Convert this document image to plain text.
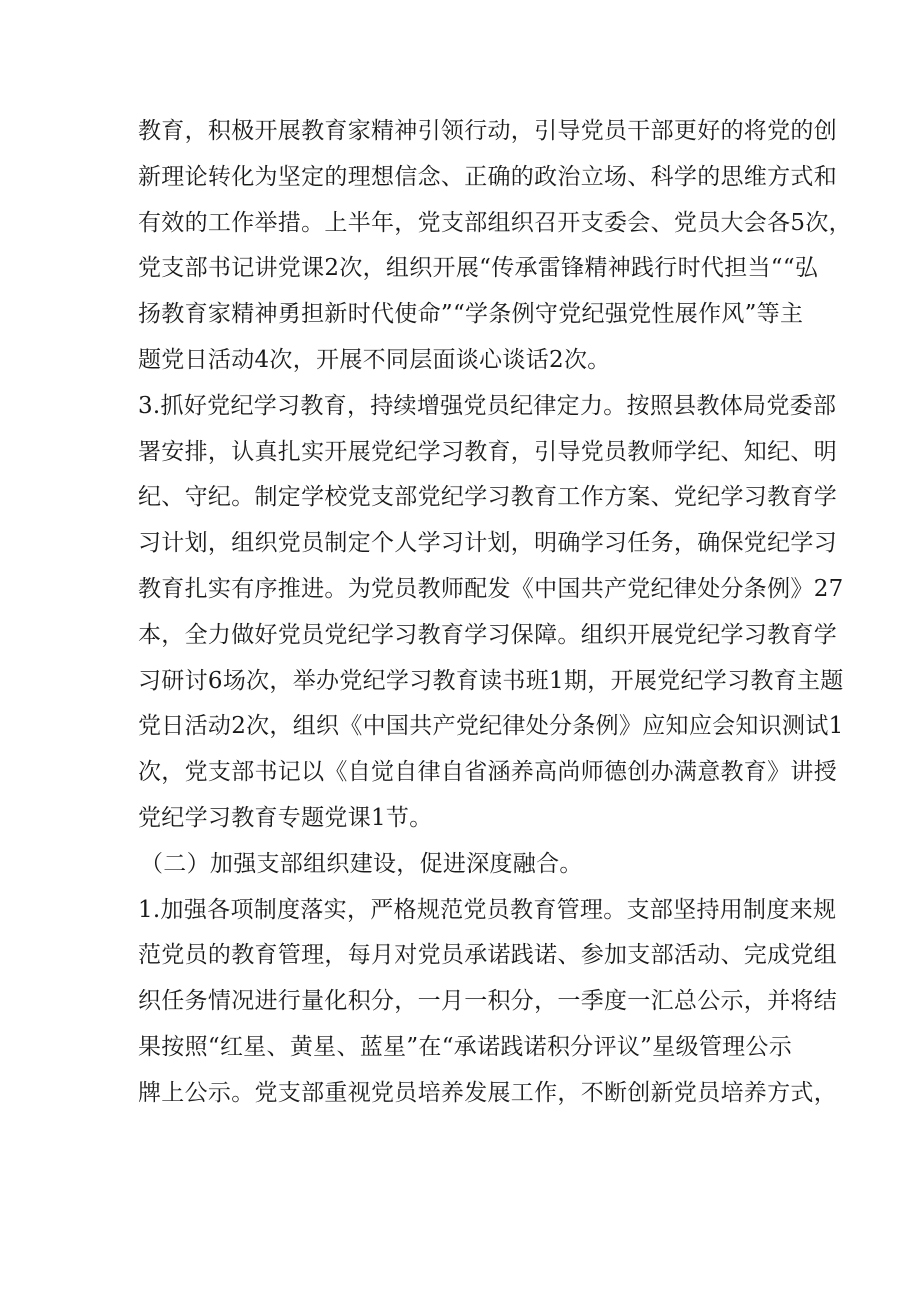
教育，积极开展教育家精神引领行动，引导党员干部更好的将党的创
新理论转化为坚定的理想信念、正确的政治立场、科学的思维方式和
有效的工作举措。上半年，党支部组织召开支委会、党员大会各5次，
党支部书记讲党课2次，组织开展“传承雷锋精神践行时代担当““弘
扬教育家精神勇担新时代使命”“学条例守党纪强党性展作风”等主
题党日活动4次，开展不同层面谈心谈话2次。
3.抓好党纪学习教育，持续增强党员纪律定力。按照县教体局党委部
署安排，认真扎实开展党纪学习教育，引导党员教师学纪、知纪、明
纪、守纪。制定学校党支部党纪学习教育工作方案、党纪学习教育学
习计划，组织党员制定个人学习计划，明确学习任务，确保党纪学习
教育扎实有序推进。为党员教师配发《中国共产党纪律处分条例》27
本，全力做好党员党纪学习教育学习保障。组织开展党纪学习教育学
习研讨6场次，举办党纪学习教育读书班1期，开展党纪学习教育主题
党日活动2次，组织《中国共产党纪律处分条例》应知应会知识测试1
次，党支部书记以《自觉自律自省涵养高尚师德创办满意教育》讲授
党纪学习教育专题党课1节。
（二）加强支部组织建设，促进深度融合。
1.加强各项制度落实，严格规范党员教育管理。支部坚持用制度来规
范党员的教育管理，每月对党员承诺践诺、参加支部活动、完成党组
织任务情况进行量化积分，一月一积分，一季度一汇总公示，并将结
果按照“红星、黄星、蓝星”在“承诺践诺积分评议”星级管理公示
牌上公示。党支部重视党员培养发展工作，不断创新党员培养方式，
